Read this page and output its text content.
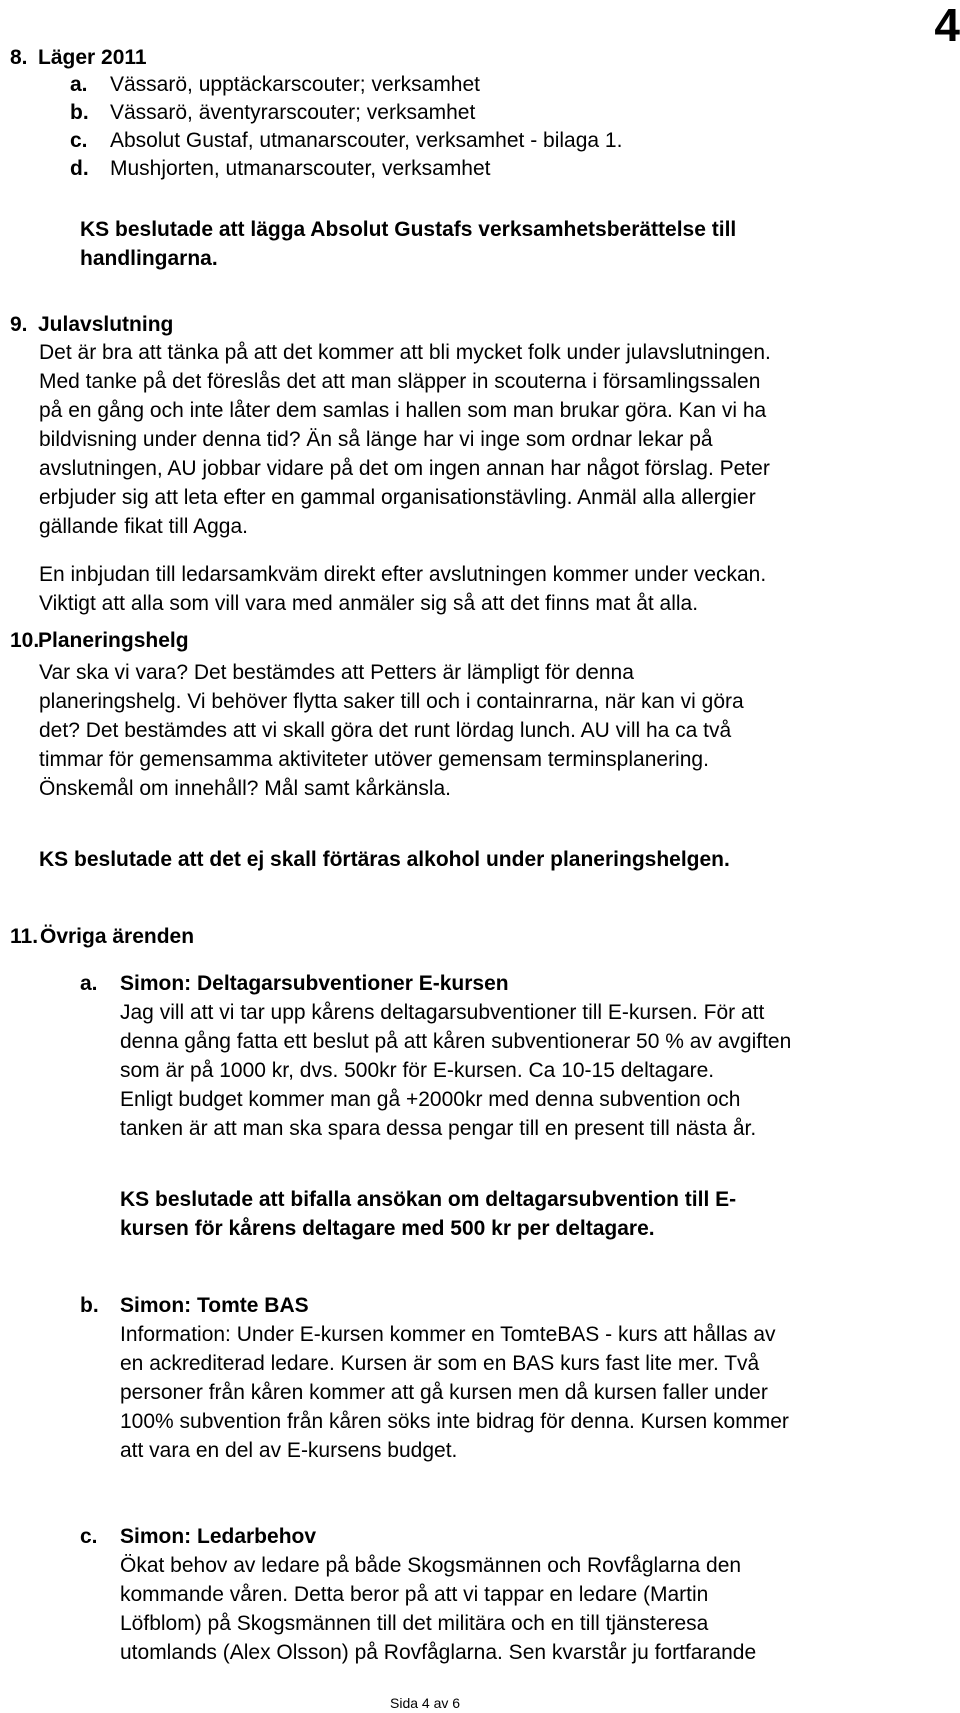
4
8. Läger 2011
a. Vässarö, upptäckarscouter; verksamhet
b. Vässarö, äventyrarscouter; verksamhet
c. Absolut Gustaf, utmanarscouter, verksamhet - bilaga 1.
d. Mushjorten, utmanarscouter, verksamhet

KS beslutade att lägga Absolut Gustafs verksamhetsberättelse till

handlingarna.

9. Julavslutning

Det är bra att tänka på att det kommer att bli mycket folk under julavslutningen.

Med tanke på det föreslås det att man släpper in scouterna i församlingssalen

på en gång och inte låter dem samlas i hallen som man brukar göra. Kan vi ha

bildvisning under denna tid? Än så länge har vi inge som ordnar lekar på

avslutningen, AU jobbar vidare på det om ingen annan har något förslag. Peter

erbjuder sig att leta efter en gammal organisationstävling. Anmäl alla allergier

gällande fikat till Agga.

En inbjudan till ledarsamkväm direkt efter avslutningen kommer under veckan.

Viktigt att alla som vill vara med anmäler sig så att det finns mat åt alla.

10.Planeringshelg

Var ska vi vara? Det bestämdes att Petters är lämpligt för denna

planeringshelg. Vi behöver flytta saker till och i containrarna, när kan vi göra

det? Det bestämdes att vi skall göra det runt lördag lunch. AU vill ha ca två

timmar för gemensamma aktiviteter utöver gemensam terminsplanering.

Önskemål om innehåll? Mål samt kårkänsla.

KS beslutade att det ej skall förtäras alkohol under planeringshelgen.

11.Övriga ärenden
a. Simon: Deltagarsubventioner E-kursen

Jag vill att vi tar upp kårens deltagarsubventioner till E-kursen. För att

denna gång fatta ett beslut på att kåren subventionerar 50 % av avgiften

som är på 1000 kr, dvs. 500kr för E-kursen. Ca 10-15 deltagare.

Enligt budget kommer man gå +2000kr med denna subvention och

tanken är att man ska spara dessa pengar till en present till nästa år.

KS beslutade att bifalla ansökan om deltagarsubvention till E-

kursen för kårens deltagare med 500 kr per deltagare.

b. Simon: Tomte BAS

Information: Under E-kursen kommer en TomteBAS - kurs att hållas av

en ackrediterad ledare. Kursen är som en BAS kurs fast lite mer. Två

personer från kåren kommer att gå kursen men då kursen faller under

100% subvention från kåren söks inte bidrag för denna. Kursen kommer

att vara en del av E-kursens budget.

c. Simon: Ledarbehov

Ökat behov av ledare på både Skogsmännen och Rovfåglarna den

kommande våren. Detta beror på att vi tappar en ledare (Martin

Löfblom) på Skogsmännen till det militära och en till tjänsteresa

utomlands (Alex Olsson) på Rovfåglarna. Sen kvarstår ju fortfarande

Sida 4 av 6
